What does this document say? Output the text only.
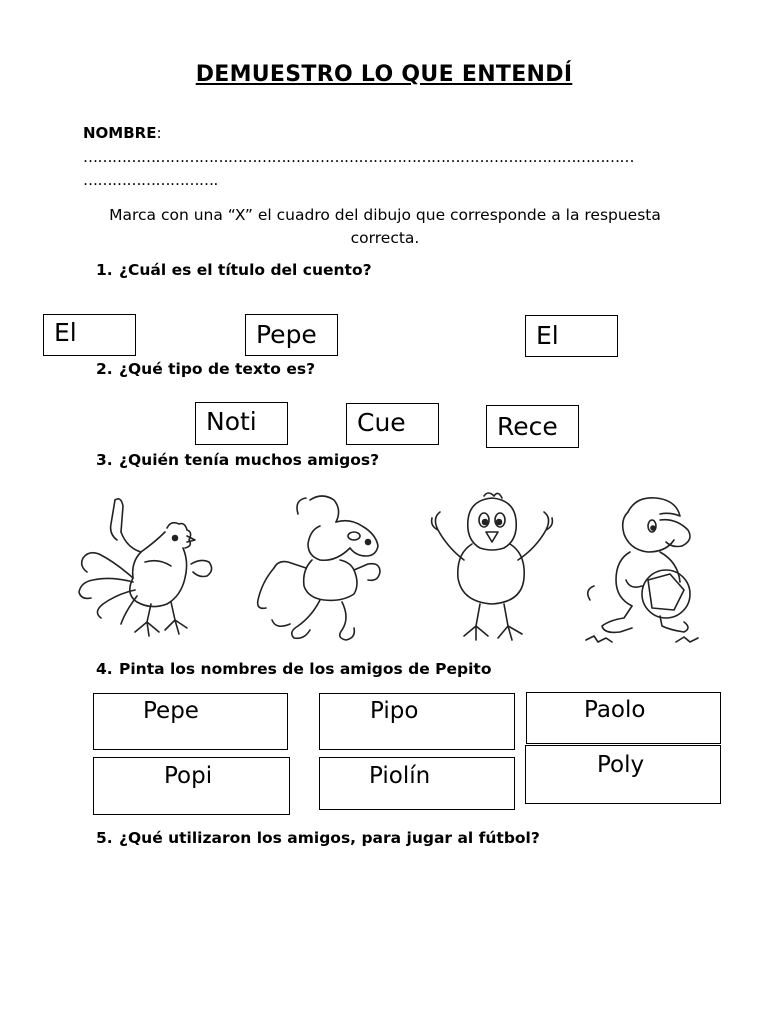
DEMUESTRO LO QUE ENTENDÍ
NOMBRE:
……………………………………………………………………………………………………
……………………….
Marca con una “X” el cuadro del dibujo que corresponde a la respuesta correcta.
1. ¿Cuál es el título del cuento?
El	Pepe	El
2. ¿Qué tipo de texto es?
Noti	Cue	Rece
3. ¿Quién tenía muchos amigos?
4. Pinta los nombres de los amigos de Pepito
Pepe	Pipo	Paolo
Popi	Piolín	Poly
5. ¿Qué utilizaron los amigos, para jugar al fútbol?
